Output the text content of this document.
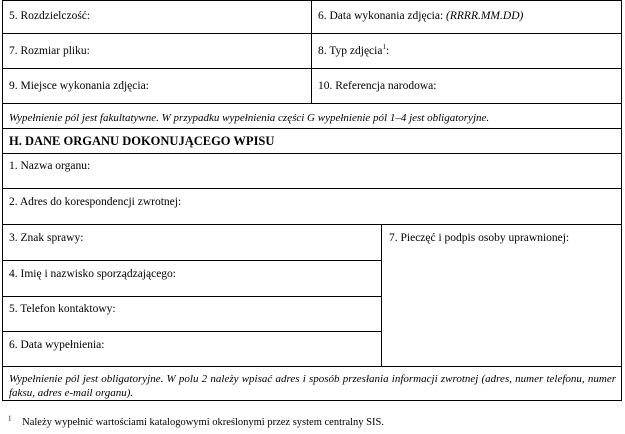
5. Rozdzielczość:	6. Data wykonania zdjęcia: (RRRR.MM.DD)
7. Rozmiar pliku:	8. Typ zdjęcia$^1$:
9. Miejsce wykonania zdjęcia:	10. Referencja narodowa:
Wypełnienie pól jest fakultatywne. W przypadku wypełnienia części G wypełnienie pól 1–4 jest obligatoryjne.
H. DANE ORGANU DOKONUJĄCEGO WPISU
1. Nazwa organu:
2. Adres do korespondencji zwrotnej:
3. Znak sprawy:	7. Pieczęć i podpis osoby uprawnionej:
4. Imię i nazwisko sporządzającego:
5. Telefon kontaktowy:
6. Data wypełnienia:
Wypełnienie pól jest obligatoryjne. W polu 2 należy wpisać adres i sposób przesłania informacji zwrotnej (adres, numer telefonu, numer faksu, adres e-mail organu).
$^1$ Należy wypełnić wartościami katalogowymi określonymi przez system centralny SIS.
